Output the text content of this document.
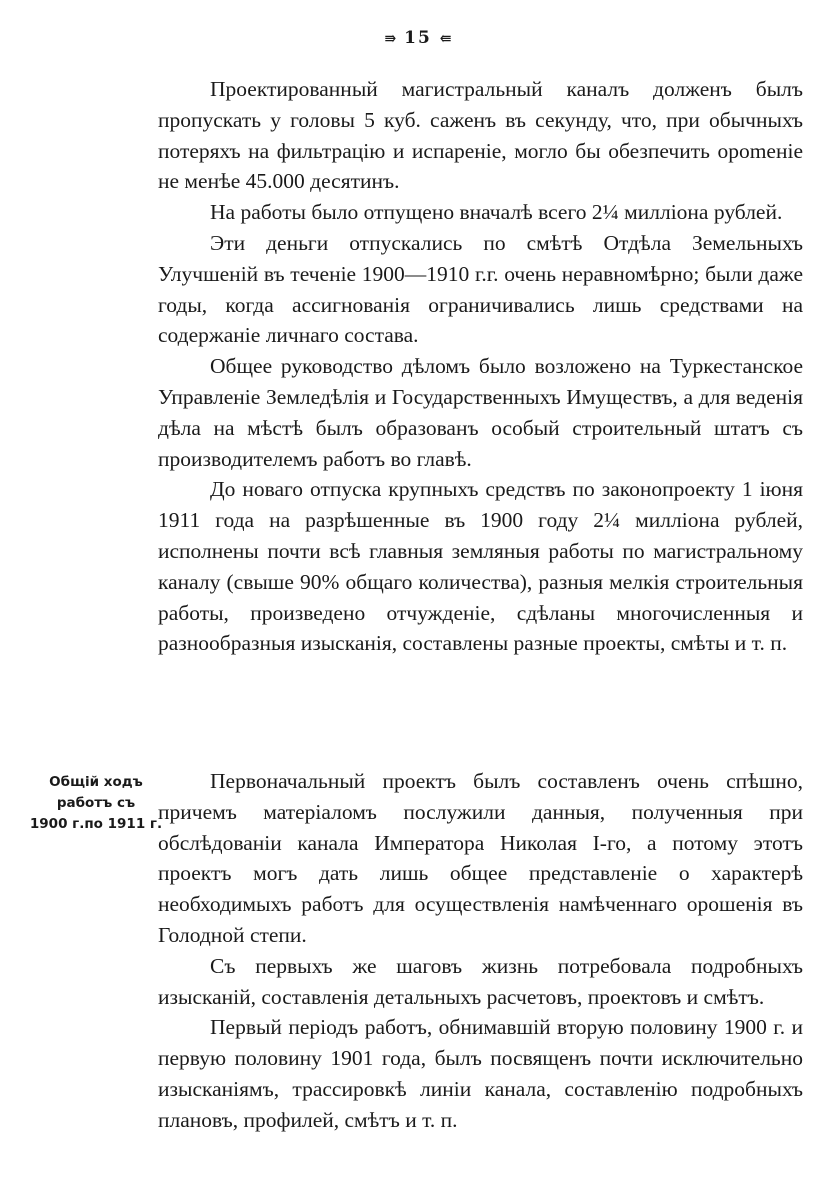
⇛ 15 ⇚

Проектированный магистральный каналъ долженъ былъ пропускать у головы 5 куб. саженъ въ секунду, что, при обычныхъ потеряхъ на фильтрацію и испареніе, могло бы обезпечить ороmeніе не менѣе 45.000 десятинъ.

На работы было отпущено вначалѣ всего 2¼ милліона рублей.

Эти деньги отпускались по смѣтѣ Отдѣла Земельныхъ Улучшеній въ теченіе 1900—1910 г.г. очень неравномѣрно; были даже годы, когда ассигнованія ограничивались лишь средствами на содержаніе личнаго состава.

Общее руководство дѣломъ было возложено на Туркестанское Управленіе Земледѣлія и Государственныхъ Имуществъ, а для веденія дѣла на мѣстѣ былъ образованъ особый строительный штатъ съ производителемъ работъ во главѣ.

До новаго отпуска крупныхъ средствъ по законопроекту 1 іюня 1911 года на разрѣшенные въ 1900 году 2¼ милліона рублей, исполнены почти всѣ главныя земляныя работы по магистральному каналу (свыше 90% общаго количества), разныя мелкія строительныя работы, произведено отчужденіе, сдѣланы многочисленныя и разнообразныя изысканія, составлены разные проекты, смѣты и т. п.

Общій ходъ
работъ съ
1900 г.по 1911 г.

Первоначальный проектъ былъ составленъ очень спѣшно, причемъ матеріаломъ послужили данныя, полученныя при обслѣдованіи канала Императора Николая І-го, а потому этотъ проектъ могъ дать лишь общее представленіе о характерѣ необходимыхъ работъ для осуществленія намѣченнаго орошенія въ Голодной степи.

Съ первыхъ же шаговъ жизнь потребовала подробныхъ изысканій, составленія детальныхъ расчетовъ, проектовъ и смѣтъ.

Первый періодъ работъ, обнимавшій вторую половину 1900 г. и первую половину 1901 года, былъ посвященъ почти исключительно изысканіямъ, трассировкѣ линіи канала, составленію подробныхъ плановъ, профилей, смѣтъ и т. п.
